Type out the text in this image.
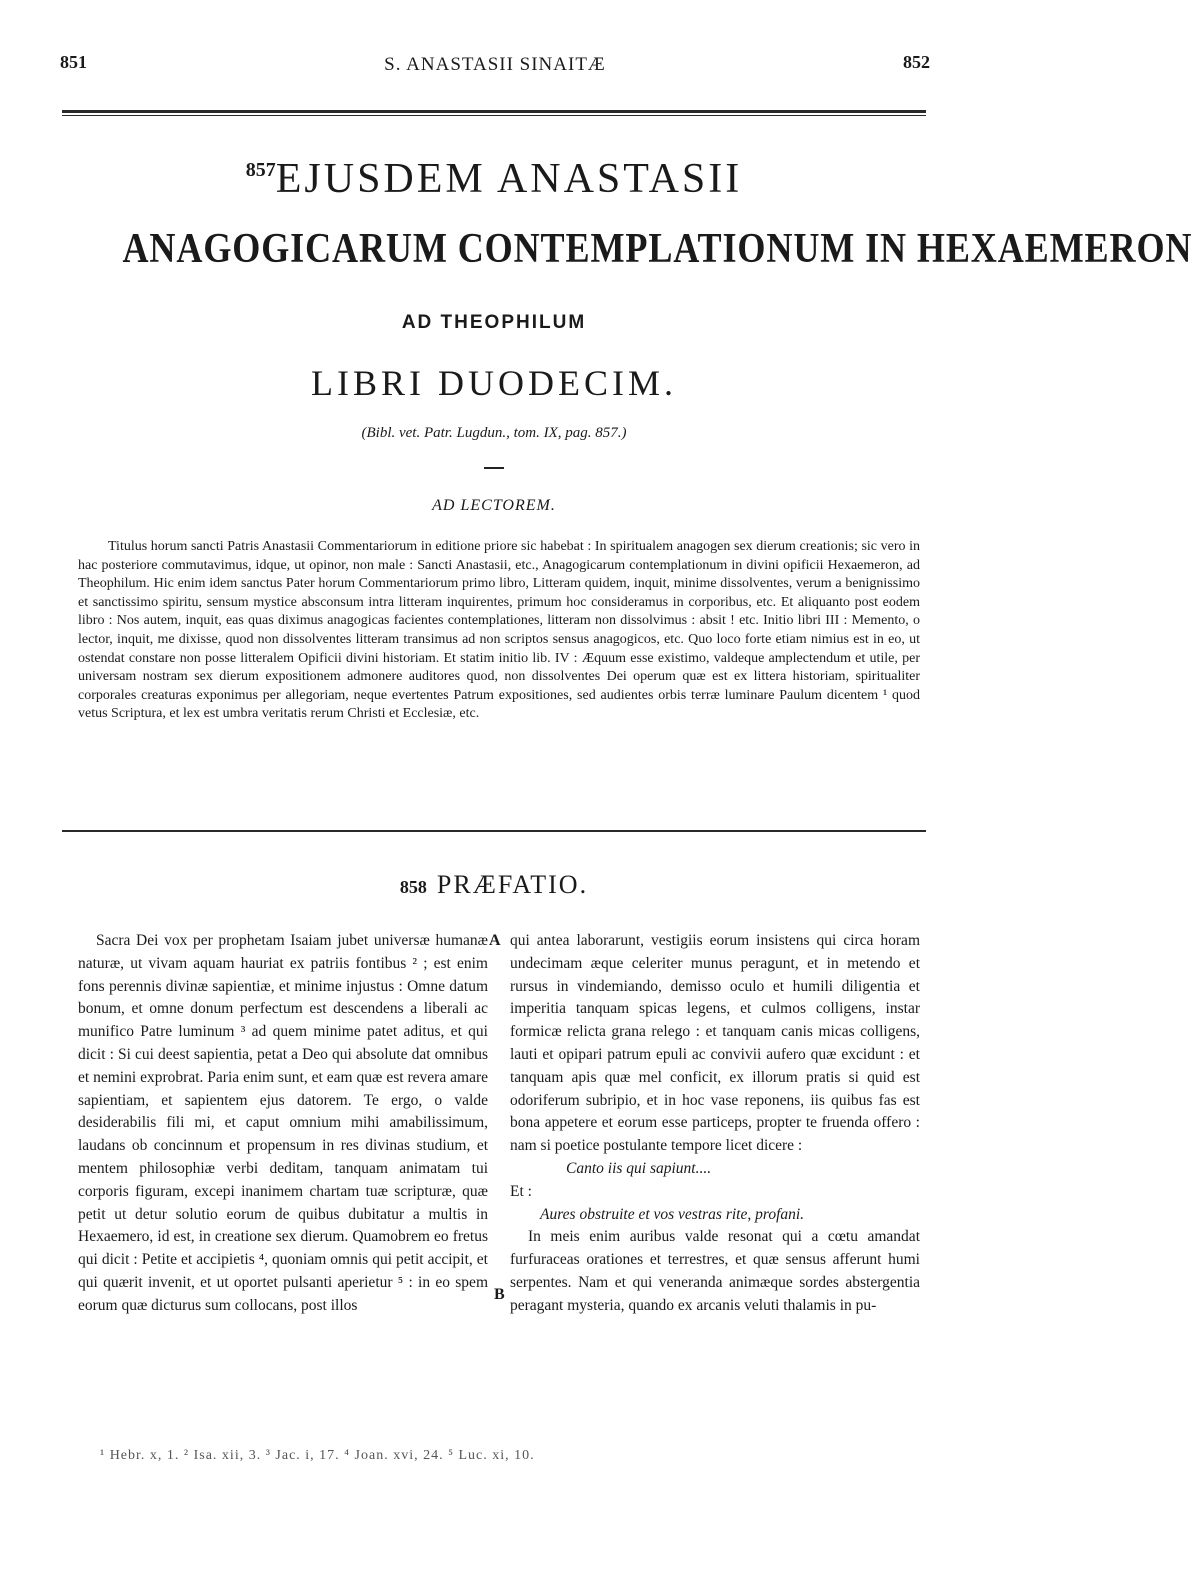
851	S. ANASTASII SINAITÆ	852
$^{857}$EJUSDEM ANASTASII
ANAGOGICARUM CONTEMPLATIONUM IN HEXAEMERON
AD THEOPHILUM
LIBRI DUODECIM.
(Bibl. vet. Patr. Lugdun., tom. IX, pag. 857.)
AD LECTOREM.
Titulus horum sancti Patris Anastasii Commentariorum in editione priore sic habebat : In spiritualem anagogen sex dierum creationis; sic vero in hac posteriore commutavimus, idque, ut opinor, non male : Sancti Anastasii, etc., Anagogicarum contemplationum in divini opificii Hexaemeron, ad Theophilum. Hic enim idem sanctus Pater horum Commentariorum primo libro, Litteram quidem, inquit, minime dissolventes, verum a benignissimo et sanctissimo spiritu, sensum mystice absconsum intra litteram inquirentes, primum hoc consideramus in corporibus, etc. Et aliquanto post eodem libro : Nos autem, inquit, eas quas diximus anagogicas facientes contemplationes, litteram non dissolvimus : absit ! etc. Initio libri III : Memento, o lector, inquit, me dixisse, quod non dissolventes litteram transimus ad non scriptos sensus anagogicos, etc. Quo loco forte etiam nimius est in eo, ut ostendat constare non posse litteralem Opificii divini historiam. Et statim initio lib. IV : Æquum esse existimo, valdeque amplectendum et utile, per universam nostram sex dierum expositionem admonere auditores quod, non dissolventes Dei operum quæ est ex littera historiam, spiritualiter corporales creaturas exponimus per allegoriam, neque evertentes Patrum expositiones, sed audientes orbis terræ luminare Paulum dicentem ¹ quod vetus Scriptura, et lex est umbra veritatis rerum Christi et Ecclesiæ, etc.
858 PRÆFATIO.
A
B

Sacra Dei vox per prophetam Isaiam jubet universæ humanæ naturæ, ut vivam aquam hauriat ex patriis fontibus ² ; est enim fons perennis divinæ sapientiæ, et minime injustus : Omne datum bonum, et omne donum perfectum est descendens a liberali ac munifico Patre luminum ³ ad quem minime patet aditus, et qui dicit : Si cui deest sapientia, petat a Deo qui absolute dat omnibus et nemini exprobrat. Paria enim sunt, et eam quæ est revera amare sapientiam, et sapientem ejus datorem. Te ergo, o valde desiderabilis fili mi, et caput omnium mihi amabilissimum, laudans ob concinnum et propensum in res divinas studium, et mentem philosophiæ verbi deditam, tanquam animatam tui corporis figuram, excepi inanimem chartam tuæ scripturæ, quæ petit ut detur solutio eorum de quibus dubitatur a multis in Hexaemero, id est, in creatione sex dierum. Quamobrem eo fretus qui dicit : Petite et accipietis ⁴, quoniam omnis qui petit accipit, et qui quærit invenit, et ut oportet pulsanti aperietur ⁵ : in eo spem eorum quæ dicturus sum collocans, post illos

qui antea laborarunt, vestigiis eorum insistens qui circa horam undecimam æque celeriter munus peragunt, et in metendo et rursus in vindemiando, demisso oculo et humili diligentia et imperitia tanquam spicas legens, et culmos colligens, instar formicæ relicta grana relego : et tanquam canis micas colligens, lauti et opipari patrum epuli ac convivii aufero quæ excidunt : et tanquam apis quæ mel conficit, ex illorum pratis si quid est odoriferum subripio, et in hoc vase reponens, iis quibus fas est bona appetere et eorum esse particeps, propter te fruenda offero : nam si poetice postulante tempore licet dicere :

Canto iis qui sapiunt....

Et :

Aures obstruite et vos vestras rite, profani.

In meis enim auribus valde resonat qui a cœtu amandat furfuraceas orationes et terrestres, et quæ sensus afferunt humi serpentes. Nam et qui veneranda animæque sordes abstergentia peragant mysteria, quando ex arcanis veluti thalamis in pu-

¹ Hebr. x, 1. ² Isa. xii, 3. ³ Jac. i, 17. ⁴ Joan. xvi, 24. ⁵ Luc. xi, 10.
